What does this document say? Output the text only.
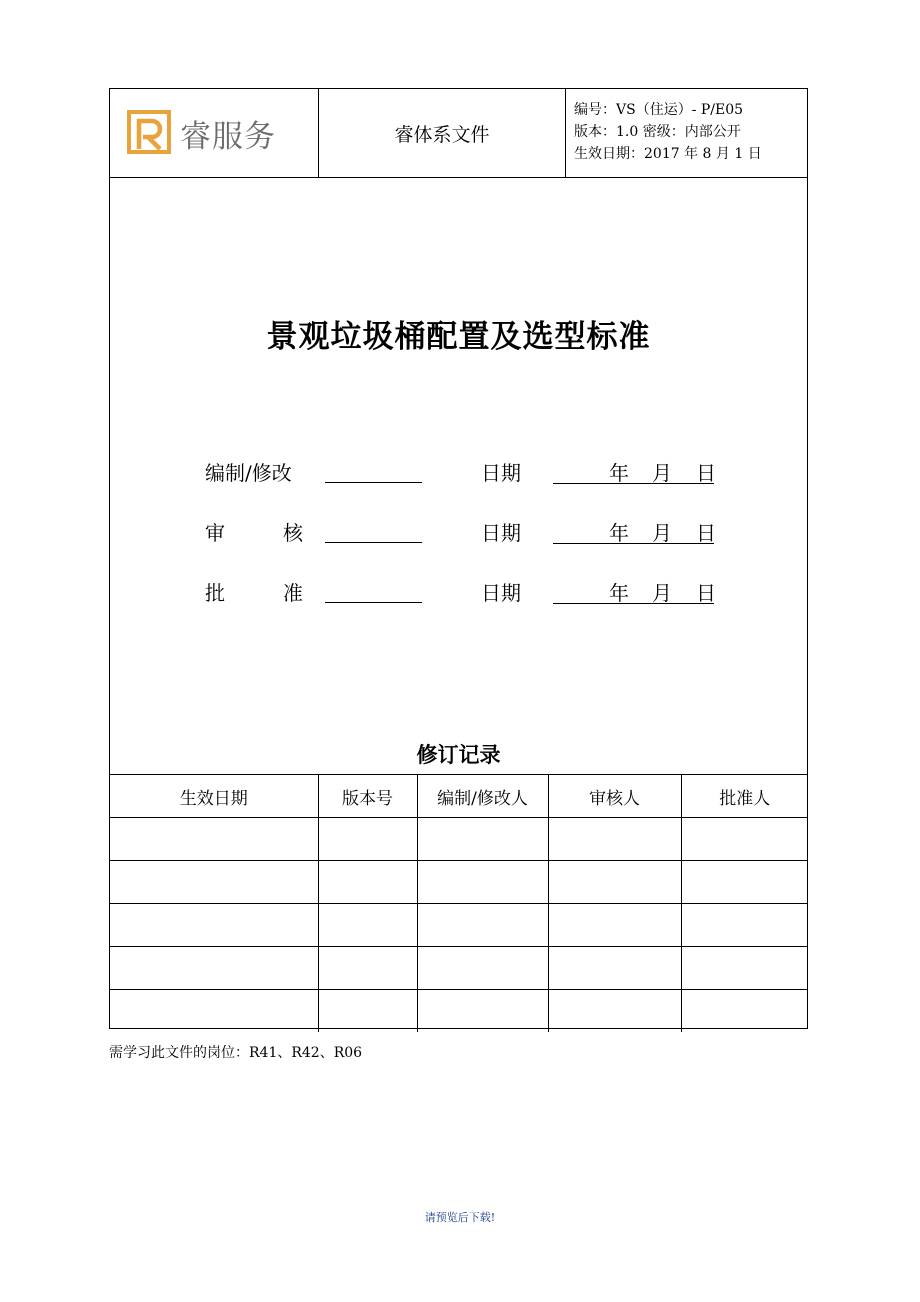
睿服务	睿体系文件
编号：VS（住运）- P/E05
版本：1.0 密级：内部公开
生效日期：2017 年 8 月 1 日
景观垃圾桶配置及选型标准
编制/修改	日期	年 月 日
审	核	日期	年 月 日
批	准	日期	年 月 日
修订记录
生效日期	版本号	编制/修改人	审核人	批准人

需学习此文件的岗位：R41、R42、R06
请预览后下载!
